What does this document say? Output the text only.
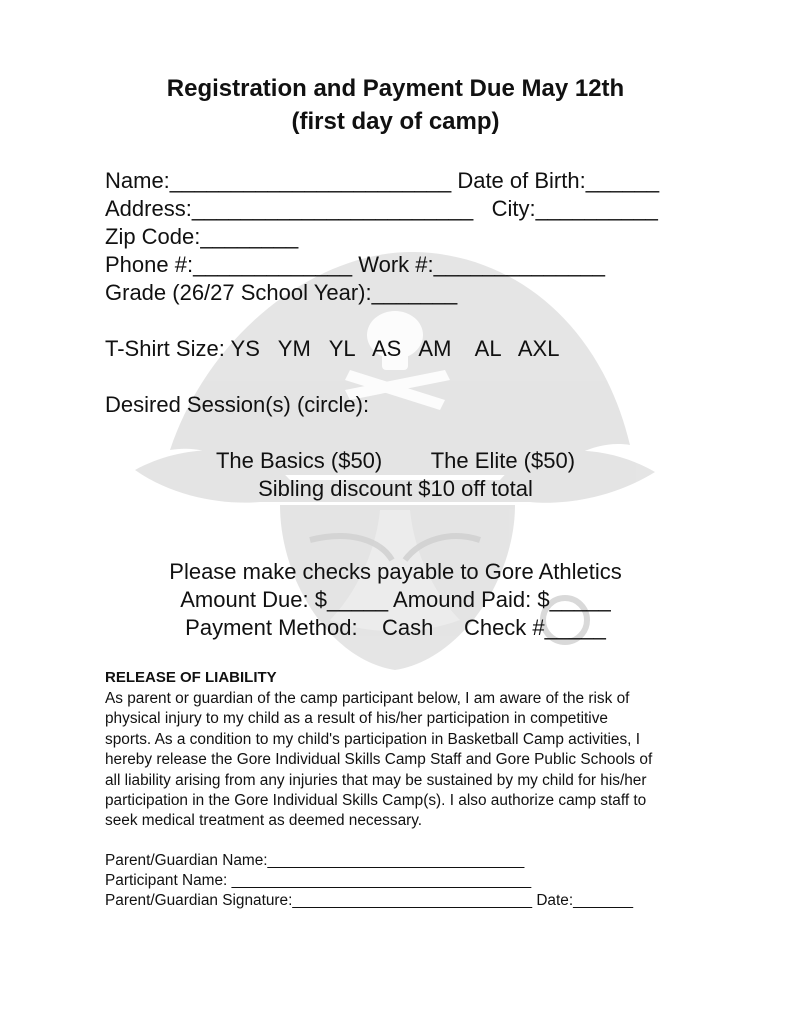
Registration and Payment Due May 12th
(first day of camp)
Name:_______________________ Date of Birth:______
Address:_______________________   City:__________
Zip Code:________
Phone #:_____________ Work #:______________
Grade (26/27 School Year):_______
T-Shirt Size: YS   YM   YL   AS   AM    AL   AXL
Desired Session(s) (circle):
The Basics ($50)        The Elite ($50)
Sibling discount $10 off total
Please make checks payable to Gore Athletics
Amount Due: $_____ Amound Paid: $_____
Payment Method:    Cash     Check #_____
RELEASE OF LIABILITY
As parent or guardian of the camp participant below, I am aware of the risk of
physical injury to my child as a result of his/her participation in competitive
sports. As a condition to my child's participation in Basketball Camp activities, I
hereby release the Gore Individual Skills Camp Staff and Gore Public Schools of
all liability arising from any injuries that may be sustained by my child for his/her
participation in the Gore Individual Skills Camp(s). I also authorize camp staff to
seek medical treatment as deemed necessary.
Parent/Guardian Name:______________________________
Participant Name: ___________________________________
Parent/Guardian Signature:____________________________ Date:_______
